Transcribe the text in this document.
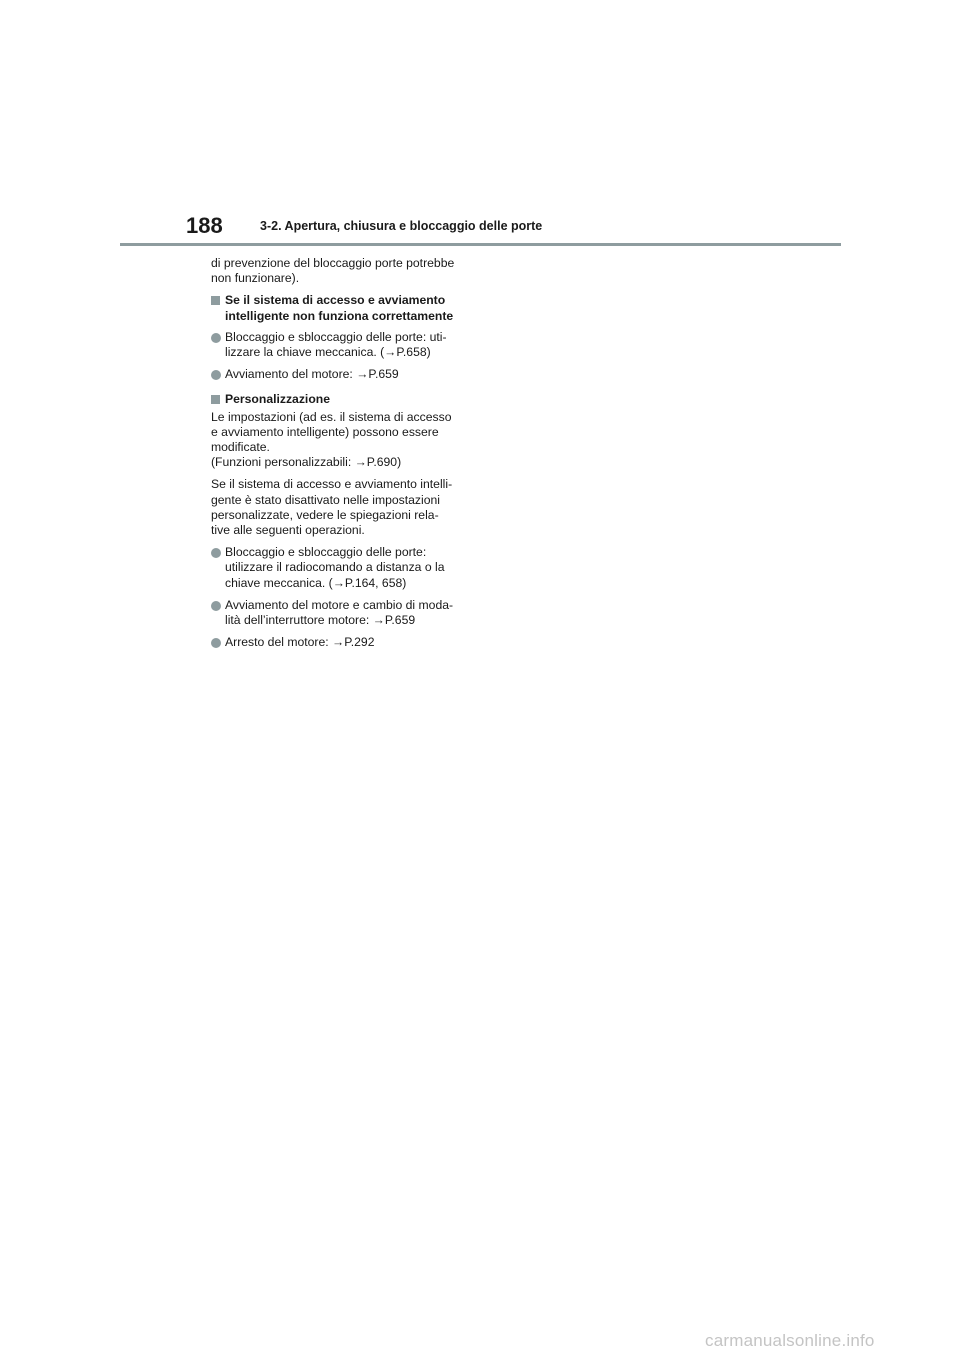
188	3-2. Apertura, chiusura e bloccaggio delle porte
di prevenzione del bloccaggio porte potrebbe
non funzionare).
Se il sistema di accesso e avviamento
intelligente non funziona correttamente
Bloccaggio e sbloccaggio delle porte: uti-
lizzare la chiave meccanica. (→P.658)
Avviamento del motore: →P.659
Personalizzazione
Le impostazioni (ad es. il sistema di accesso
e avviamento intelligente) possono essere
modificate.
(Funzioni personalizzabili: →P.690)
Se il sistema di accesso e avviamento intelli-
gente è stato disattivato nelle impostazioni
personalizzate, vedere le spiegazioni rela-
tive alle seguenti operazioni.
Bloccaggio e sbloccaggio delle porte:
utilizzare il radiocomando a distanza o la
chiave meccanica. (→P.164, 658)
Avviamento del motore e cambio di moda-
lità dell’interruttore motore: →P.659
Arresto del motore: →P.292
carmanualsonline.info
